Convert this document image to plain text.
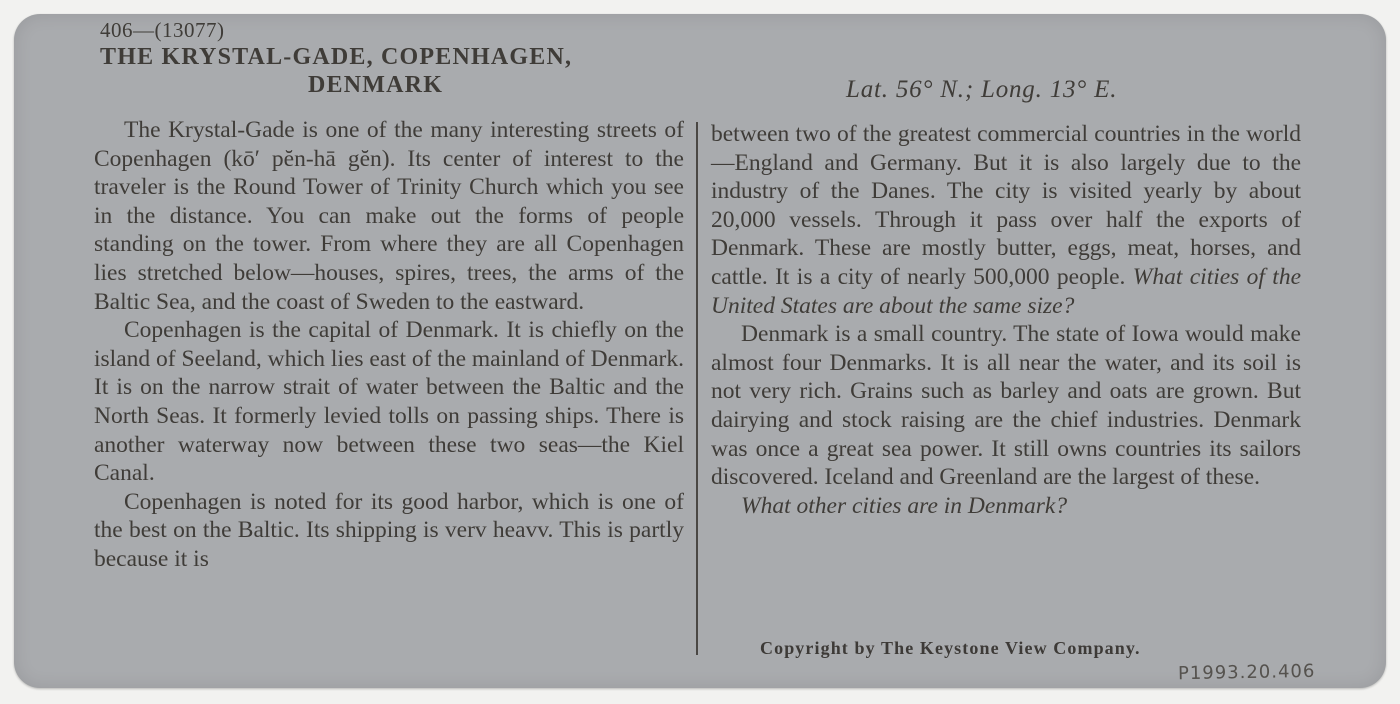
406—(13077)
THE KRYSTAL-GADE, COPENHAGEN,
DENMARK	Lat. 56° N.; Long. 13° E.

The Krystal-Gade is one of the many interesting streets of Copenhagen (kō′ pĕn-hā gĕn). Its center of interest to the traveler is the Round Tower of Trinity Church which you see in the distance. You can make out the forms of people standing on the tower. From where they are all Copenhagen lies stretched below—houses, spires, trees, the arms of the Baltic Sea, and the coast of Sweden to the eastward.

Copenhagen is the capital of Denmark. It is chiefly on the island of Seeland, which lies east of the mainland of Denmark. It is on the narrow strait of water between the Baltic and the North Seas. It formerly levied tolls on passing ships. There is another waterway now between these two seas—the Kiel Canal.

Copenhagen is noted for its good harbor, which is one of the best on the Baltic. Its shipping is verv heavv. This is partly because it is

between two of the greatest commercial countries in the world—England and Germany. But it is also largely due to the industry of the Danes. The city is visited yearly by about 20,000 vessels. Through it pass over half the exports of Denmark. These are mostly butter, eggs, meat, horses, and cattle. It is a city of nearly 500,000 people. What cities of the United States are about the same size?

Denmark is a small country. The state of Iowa would make almost four Denmarks. It is all near the water, and its soil is not very rich. Grains such as barley and oats are grown. But dairying and stock raising are the chief industries. Denmark was once a great sea power. It still owns countries its sailors discovered. Iceland and Greenland are the largest of these.

What other cities are in Denmark?

Copyright by The Keystone View Company.
P1993.20.406
